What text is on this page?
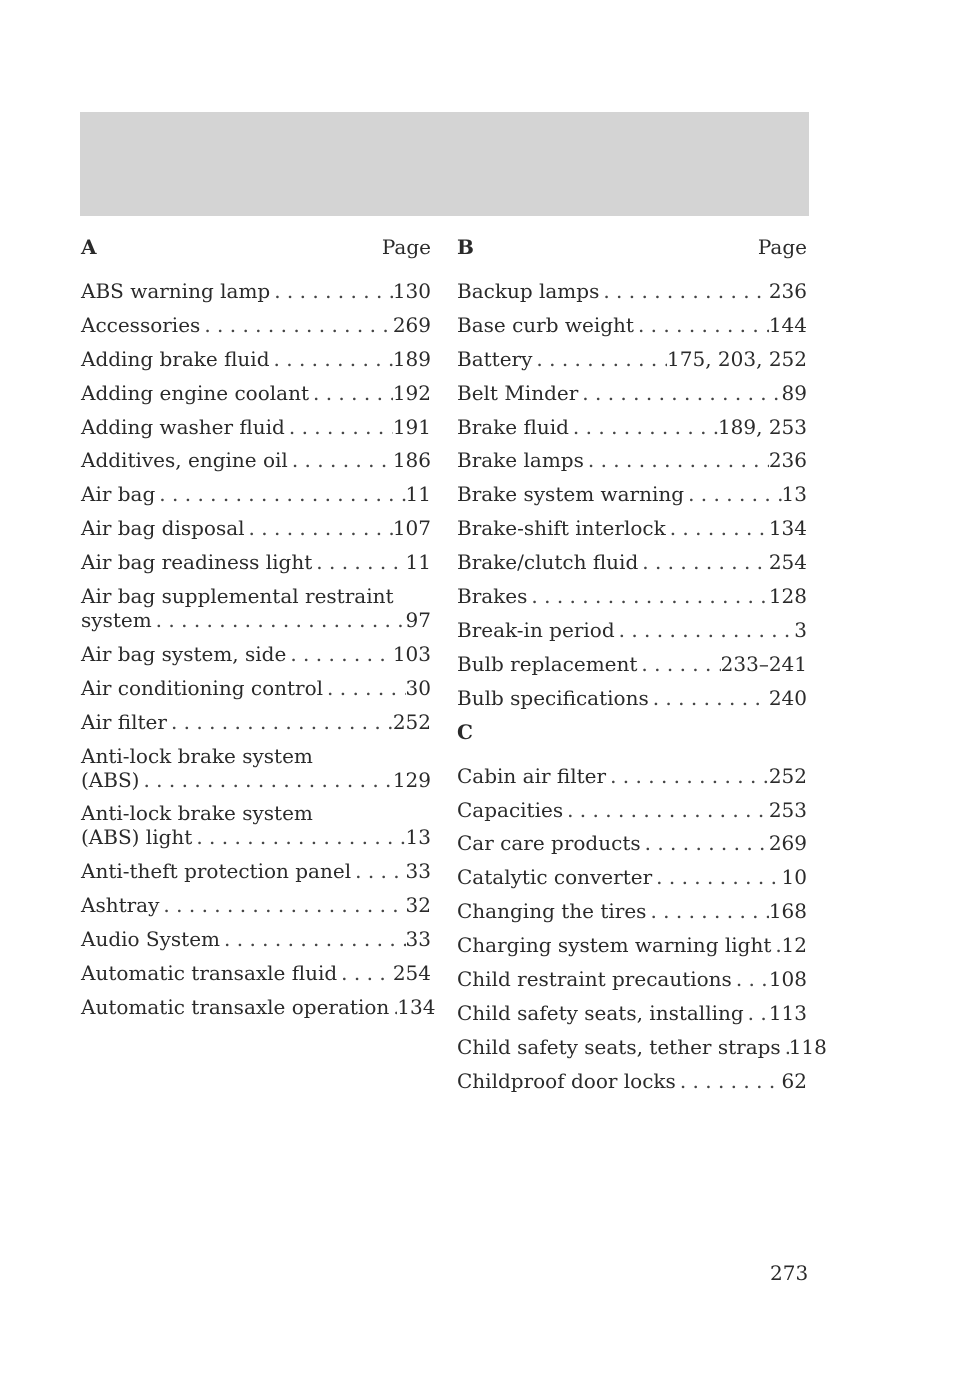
A	Page
ABS warning lamp . . .	130
Accessories . . .	269
Adding brake fluid . . .	189
Adding engine coolant . . .	192
Adding washer fluid . . .	191
Additives, engine oil . . .	186
Air bag . . .	11
Air bag disposal . . .	107
Air bag readiness light . . .	11
Air bag supplemental restraint
system . . .	97
Air bag system, side . . .	103
Air conditioning control . . .	30
Air filter . . .	252
Anti-lock brake system
(ABS) . . .	129
Anti-lock brake system
(ABS) light . . .	13
Anti-theft protection panel . . .	33
Ashtray . . .	32
Audio System . . .	33
Automatic transaxle fluid . . .	254
Automatic transaxle operation . . . 134
B	Page
Backup lamps . . .	236
Base curb weight . . .	144
Battery . . .	175, 203, 252
Belt Minder . . .	89
Brake fluid . . .	189, 253
Brake lamps . . .	236
Brake system warning . . .	13
Brake-shift interlock . . .	134
Brake/clutch fluid . . .	254
Brakes . . .	128
Break-in period . . .	3
Bulb replacement . . .	233–241
Bulb specifications . . .	240
C
Cabin air filter . . .	252
Capacities . . .	253
Car care products . . .	269
Catalytic converter . . .	10
Changing the tires . . .	168
Charging system warning light . . . 12
Child restraint precautions . . . 108
Child safety seats, installing . . . 113
Child safety seats, tether straps . . . 118
Childproof door locks . . .	62
273
